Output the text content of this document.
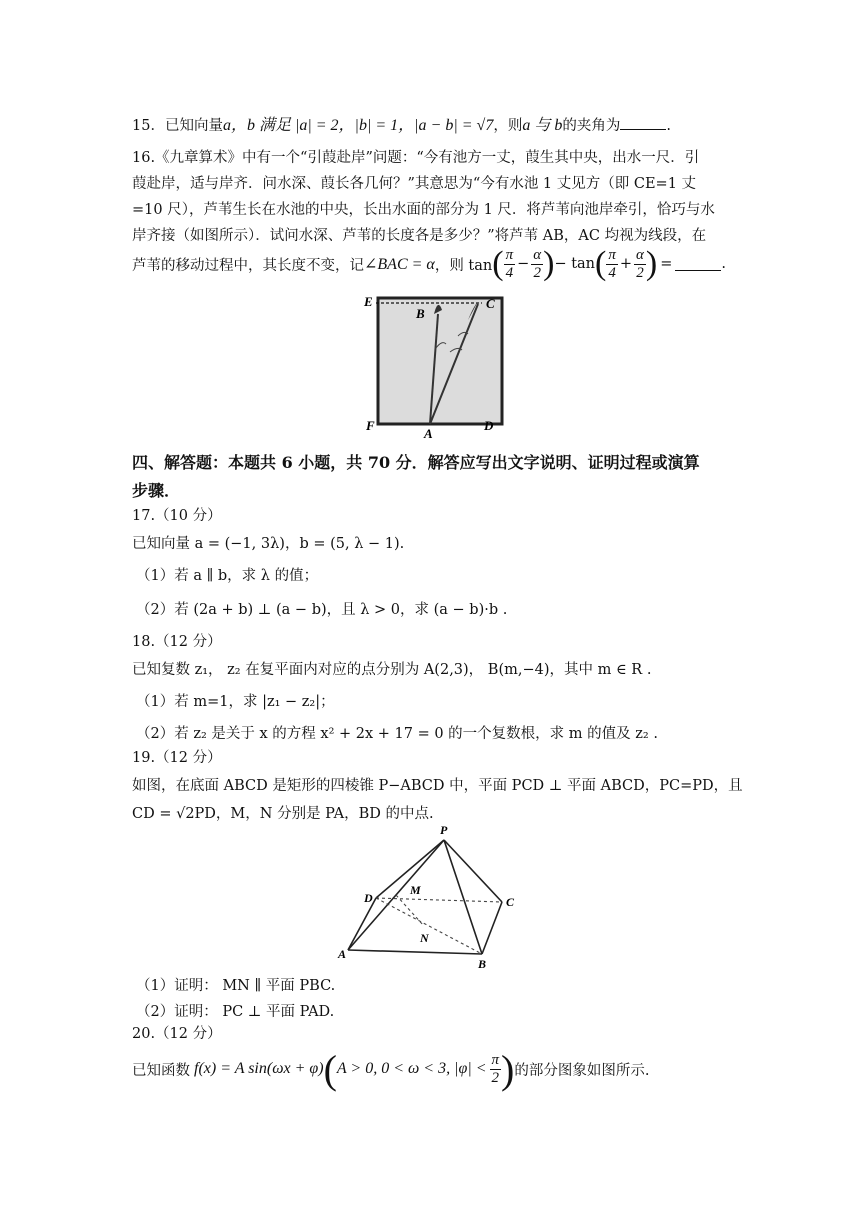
15．已知向量a，b 满足 |a| = 2，|b| = 1，|a − b| = √7，则a 与 b的夹角为	.
16.《九章算术》中有一个“引葭赴岸”问题：“今有池方一丈，葭生其中央，出水一尺．引
葭赴岸，适与岸齐．问水深、葭长各几何？”其意思为“今有水池 1 丈见方（即 CE=1 丈
=10 尺），芦苇生长在水池的中央，长出水面的部分为 1 尺．将芦苇向池岸牵引，恰巧与水
岸齐接（如图所示）．试问水深、芦苇的长度各是多少？”将芦苇 AB，AC 均视为线段，在
芦苇的移动过程中，其长度不变，记 ∠BAC = α ，则 tan ( $\frac{\pi}{4} - \frac{\alpha}{2}$ ) − tan ( $\frac{\pi}{4} + \frac{\alpha}{2}$ ) =	.
E
B
C
F
A
D
四、解答题：本题共 6 小题，共 70 分．解答应写出文字说明、证明过程或演算
步骤．
17.（10 分）
已知向量 a = (−1, 3λ)，b = (5, λ − 1).
（1）若 a ∥ b，求 λ 的值；
（2）若 (2a + b) ⊥ (a − b)，且 λ > 0，求 (a − b)·b .
18.（12 分）
已知复数 z₁， z₂ 在复平面内对应的点分别为 A(2,3)， B(m,−4)，其中 m ∈ R .
（1）若 m=1，求 |z₁ − z₂|；
（2）若 z₂ 是关于 x 的方程 x² + 2x + 17 = 0 的一个复数根，求 m 的值及 z₂ .
19.（12 分）
如图，在底面 ABCD 是矩形的四棱锥 P−ABCD 中，平面 PCD ⊥ 平面 ABCD，PC=PD，且
CD = √2PD，M，N 分别是 PA，BD 的中点.
P
D
M
C
N
A
B
（1）证明： MN ∥ 平面 PBC.
（2）证明： PC ⊥ 平面 PAD.
20.（12 分）
已知函数 f(x) = A sin(ωx + φ) ( A > 0, 0 < ω < 3, $|\varphi| < \frac{\pi}{2}$ ) 的部分图象如图所示.
